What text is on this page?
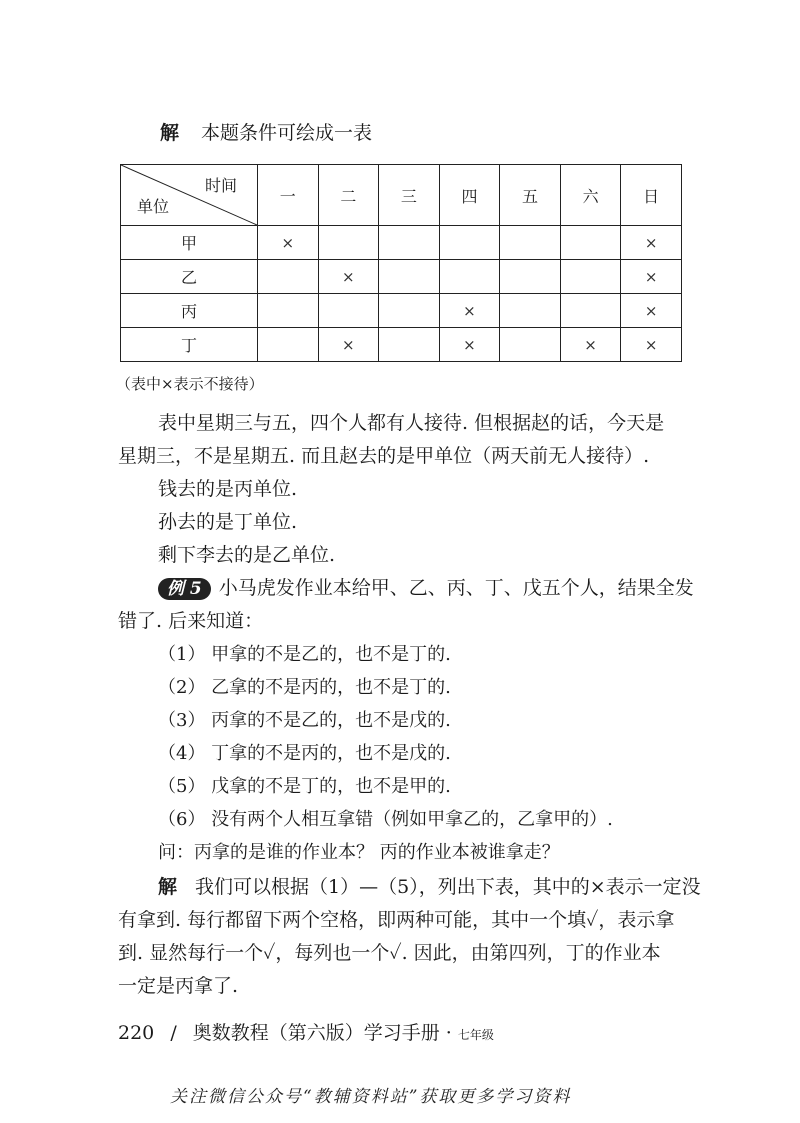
解 本题条件可绘成一表
时间
单位	一	二	三	四	五	六	日
甲	×						×
乙		×					×
丙				×			×
丁		×		×		×	×
（表中×表示不接待）
表中星期三与五，四个人都有人接待. 但根据赵的话，今天是
星期三，不是星期五. 而且赵去的是甲单位（两天前无人接待）.
钱去的是丙单位.
孙去的是丁单位.
剩下李去的是乙单位.
例 5 小马虎发作业本给甲、乙、丙、丁、戊五个人，结果全发
错了. 后来知道：
（1） 甲拿的不是乙的，也不是丁的.
（2） 乙拿的不是丙的，也不是丁的.
（3） 丙拿的不是乙的，也不是戊的.
（4） 丁拿的不是丙的，也不是戊的.
（5） 戊拿的不是丁的，也不是甲的.
（6） 没有两个人相互拿错（例如甲拿乙的，乙拿甲的）.
问：丙拿的是谁的作业本？ 丙的作业本被谁拿走？
解 我们可以根据（1）—（5），列出下表，其中的×表示一定没
有拿到. 每行都留下两个空格，即两种可能，其中一个填✓，表示拿
到. 显然每行一个✓，每列也一个✓. 因此，由第四列，丁的作业本
一定是丙拿了.
220 / 奥数教程（第六版）学习手册 · 七年级
关注微信公众号“教辅资料站”获取更多学习资料
